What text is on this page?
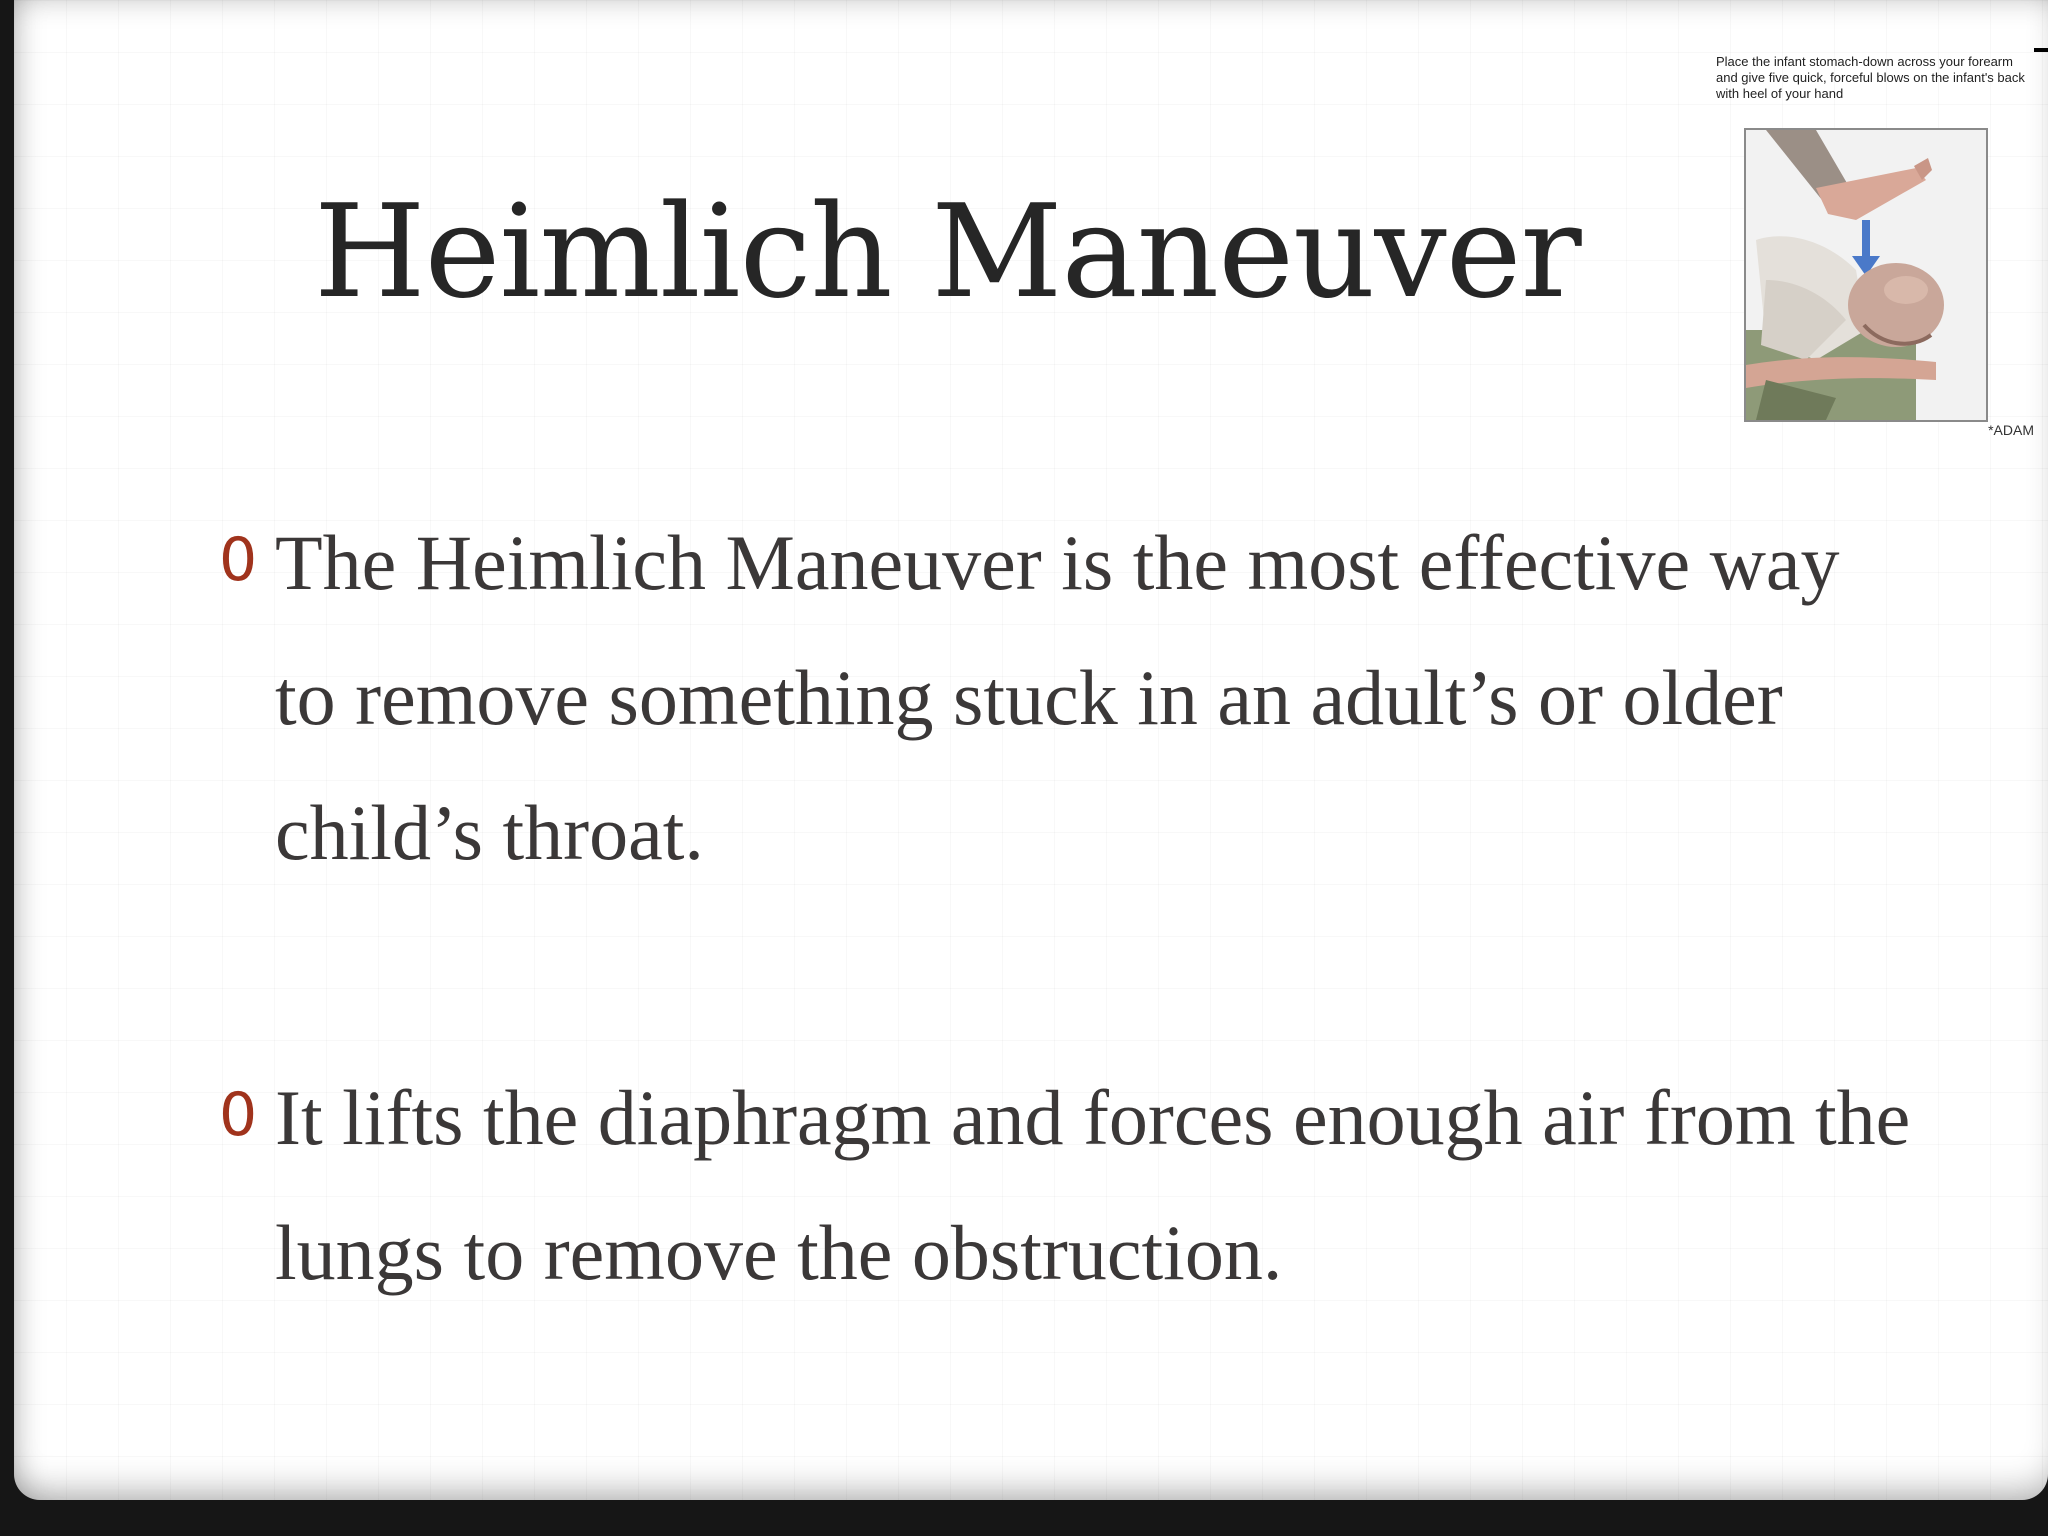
Heimlich Maneuver
0 The Heimlich Maneuver is the most effective way to remove something stuck in an adult’s or older child’s throat.
0 It lifts the diaphragm and forces enough air from the lungs to remove the obstruction.

Place the infant stomach-down across your forearm and give five quick, forceful blows on the infant's back with heel of your hand

*ADAM
